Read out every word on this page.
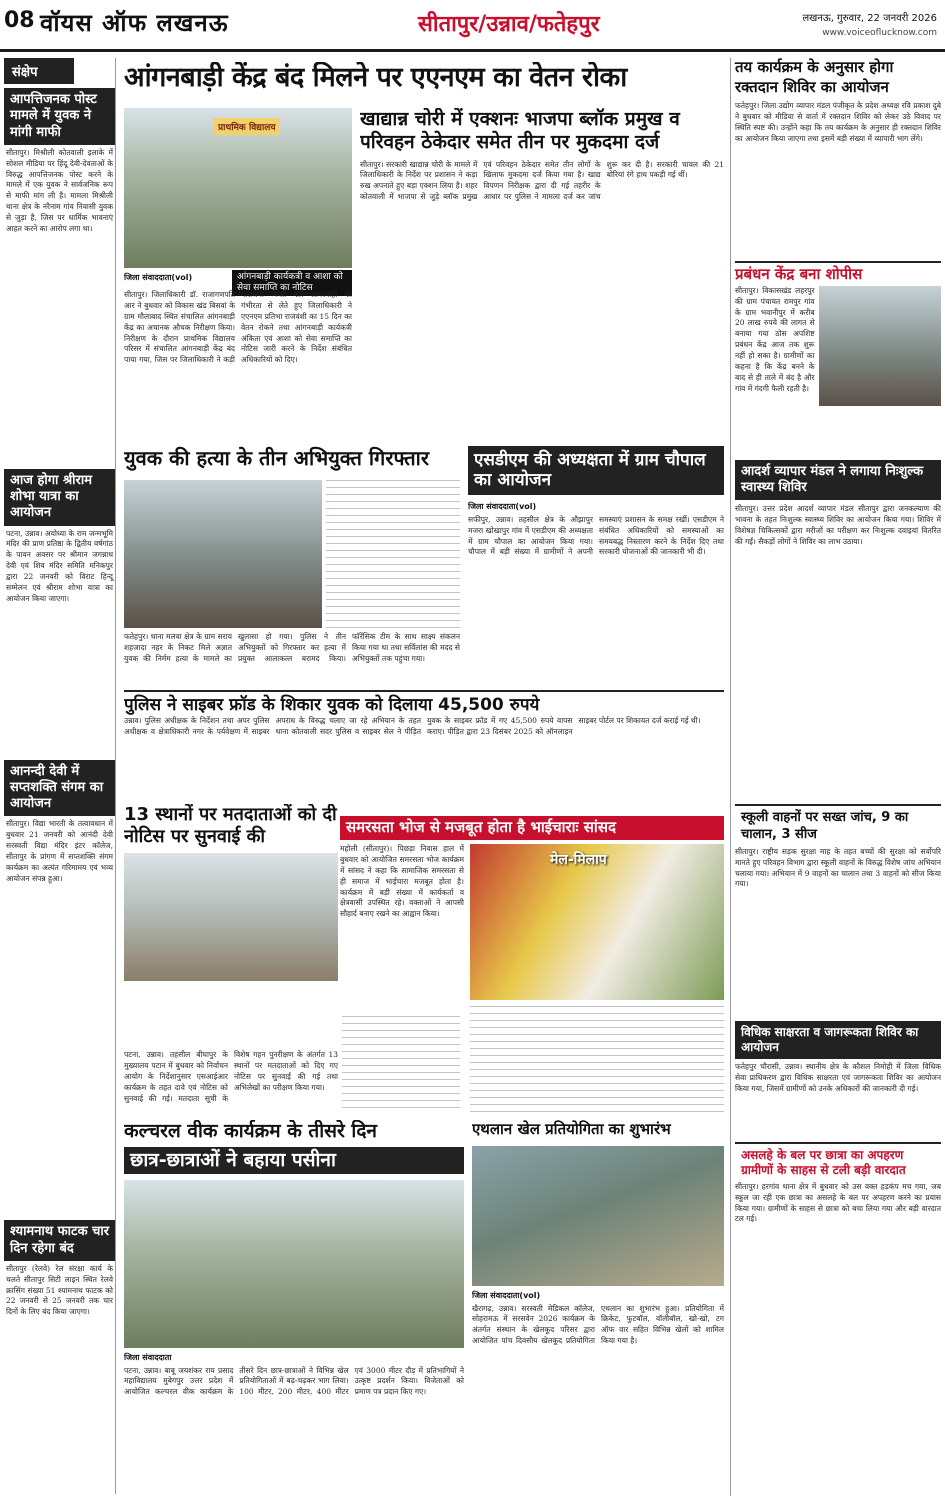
08 वॉयस ऑफ लखनऊ	सीतापुर/उन्नाव/फतेहपुर	लखनऊ, गुरुवार, 22 जनवरी 2026
www.voiceoflucknow.com
संक्षेप
आपत्तिजनक पोस्ट मामले में युवक ने मांगी माफी
सीतापुर। मिश्रीली कोतवाली इलाके में सोशल मीडिया पर हिंदू देवी-देवताओं के विरुद्ध आपत्तिजनक पोस्ट करने के मामले में एक युवक ने सार्वजनिक रूप से माफी मांग ली है। मामला मिश्रीली थाना क्षेत्र के नरैनाम गांव निवासी युवक से जुड़ा है, जिस पर धार्मिक भावनाएं आहत करने का आरोप लगा था।
आज होगा श्रीराम शोभा यात्रा का आयोजन
पटना, उन्नाव। अयोध्या के राम जन्मभूमि मंदिर की प्राण प्रतिष्ठा के द्वितीय वर्षगांठ के पावन अवसर पर श्रीमान जगन्नाथ देवी एवं शिव मंदिर समिति मनिकपुर द्वारा 22 जनवरी को विराट हिन्दू सम्मेलन एवं श्रीराम शोभा यात्रा का आयोजन किया जाएगा।
आनन्दी देवी में सप्तशक्ति संगम का आयोजन
सीतापुर। विद्या भारती के तत्वावधान में बुधवार 21 जनवरी को आनंदी देवी सरस्वती विद्या मंदिर इंटर कॉलेज, सीतापुर के प्रांगण में सप्तशक्ति संगम कार्यक्रम का अत्यंत गरिमामय एवं भव्य आयोजन संपन्न हुआ।
श्यामनाथ फाटक चार दिन रहेगा बंद
सीतापुर (रेलवे) रेल संरक्षा कार्य के चलते सीतापुर सिटी लाइन स्थित रेलवे क्रासिंग संख्या 51 श्यामनाथ फाटक को 22 जनवरी से 25 जनवरी तक चार दिनों के लिए बंद किया जाएगा।
आंगनबाड़ी केंद्र बंद मिलने पर एएनएम का वेतन रोका
प्राथमिक विद्यालय
आंगनबाड़ी कार्यकत्री व आशा को सेवा समाप्ति का नोटिस
जिला संवाददाता(vol)
सीतापुर। जिलाधिकारी डॉ. राजागणपति आर ने बुधवार को विकास खंड बिसवां के ग्राम मौलाबाद स्थित संचालित आंगनबाड़ी केंद्र का अचानक औचक निरीक्षण किया। निरीक्षण के दौरान प्राथमिक विद्यालय परिसर में संचालित आंगनबाड़ी केंद्र बंद पाया गया, जिस पर जिलाधिकारी ने कड़ी नाराजगी व्यक्त की। लापरवाही को गंभीरता से लेते हुए जिलाधिकारी ने एएनएम प्रतिभा राजवंशी का 15 दिन का वेतन रोकने तथा आंगनबाड़ी कार्यकत्री अंकिता एवं आशा को सेवा समाप्ति का नोटिस जारी करने के निर्देश संबंधित अधिकारियों को दिए।
खाद्यान्न चोरी में एक्शनः भाजपा ब्लॉक प्रमुख व परिवहन ठेकेदार समेत तीन पर मुकदमा दर्ज
सीतापुर। सरकारी खाद्यान्न चोरी के मामले में जिलाधिकारी के निर्देश पर प्रशासन ने कड़ा रुख अपनाते हुए बड़ा एक्शन लिया है। शहर कोतवाली में भाजपा से जुड़े ब्लॉक प्रमुख एवं परिवहन ठेकेदार समेत तीन लोगों के खिलाफ मुकदमा दर्ज किया गया है। खाद्य विपणन निरीक्षक द्वारा दी गई तहरीर के आधार पर पुलिस ने मामला दर्ज कर जांच शुरू कर दी है। सरकारी चावल की 21 बोरियां रंगे हाथ पकड़ी गई थीं।
युवक की हत्या के तीन अभियुक्त गिरफ्तार
फतेहपुर। थाना मलवा क्षेत्र के ग्राम सराय शहजादा नहर के निकट मिले अज्ञात युवक की निर्मम हत्या के मामले का खुलासा हो गया। पुलिस ने तीन अभियुक्तों को गिरफ्तार कर हत्या में प्रयुक्त आलाकत्ल बरामद किया। फॉरेंसिक टीम के साथ साक्ष्य संकलन किया गया था तथा सर्विलांस की मदद से अभियुक्तों तक पहुंचा गया।
एसडीएम की अध्यक्षता में ग्राम चौपाल का आयोजन
जिला संवाददाता(vol)
सफीपुर, उन्नाव। तहसील क्षेत्र के औझापुर मजरा खोखापुर गांव में एसडीएम की अध्यक्षता में ग्राम चौपाल का आयोजन किया गया। चौपाल में बड़ी संख्या में ग्रामीणों ने अपनी समस्याएं प्रशासन के समक्ष रखीं। एसडीएम ने संबंधित अधिकारियों को समस्याओं का समयबद्ध निस्तारण करने के निर्देश दिए तथा सरकारी योजनाओं की जानकारी भी दी।
पुलिस ने साइबर फ्रॉड के शिकार युवक को दिलाया 45,500 रुपये
उन्नाव। पुलिस अधीक्षक के निर्देशन तथा अपर पुलिस अधीक्षक व क्षेत्राधिकारी नगर के पर्यवेक्षण में साइबर अपराध के विरुद्ध चलाए जा रहे अभियान के तहत थाना कोतवाली सदर पुलिस व साइबर सेल ने पीड़ित युवक के साइबर फ्रॉड में गए 45,500 रुपये वापस कराए। पीड़ित द्वारा 23 दिसंबर 2025 को ऑनलाइन साइबर पोर्टल पर शिकायत दर्ज कराई गई थी।
13 स्थानों पर मतदाताओं को दी नोटिस पर सुनवाई की
पटना, उन्नाव। तहसील बीघापुर के मुख्यालय पटान में बुधवार को निर्वाचन आयोग के निर्देशानुसार एसआईआर कार्यक्रम के तहत दावे एवं नोटिस को सुनवाई की गई। मतदाता सूची के विशेष गहन पुनरीक्षण के अंतर्गत 13 स्थानों पर मतदाताओं को दिए गए नोटिस पर सुनवाई की गई तथा अभिलेखों का परीक्षण किया गया।
समरसता भोज से मजबूत होता है भाईचाराः सांसद
महोली (सीतापुर)। पिछड़ा निवास हाल में बुधवार को आयोजित समरसता भोज कार्यक्रम में सांसद ने कहा कि सामाजिक समरसता से ही समाज में भाईचारा मजबूत होता है। कार्यक्रम में बड़ी संख्या में कार्यकर्ता व क्षेत्रवासी उपस्थित रहे। वक्ताओं ने आपसी सौहार्द बनाए रखने का आह्वान किया।
मेल-मिलाप
कल्चरल वीक कार्यक्रम के तीसरे दिन
छात्र-छात्राओं ने बहाया पसीना
जिला संवाददाता
पटना, उन्नाव। बाबू जयशंकर राय प्रसाद महाविद्यालय मुबेगपुर उत्तर प्रदेश में आयोजित कल्चरल वीक कार्यक्रम के तीसरे दिन छात्र-छात्राओं ने विभिन्न खेल प्रतियोगिताओं में बढ़-चढ़कर भाग लिया। 100 मीटर, 200 मीटर, 400 मीटर एवं 3000 मीटर दौड़ में प्रतिभागियों ने उत्कृष्ट प्रदर्शन किया। विजेताओं को प्रमाण पत्र प्रदान किए गए।
एथलान खेल प्रतियोगिता का शुभारंभ
जिला संवाददाता(vol)
खैरागढ़, उन्नाव। सरस्वती मेडिकल कॉलेज, सोहरामऊ में सरसवेन 2026 कार्यक्रम के अंतर्गत संस्थान के खेलकूद परिसर द्वारा आयोजित पांच दिवसीय खेलकूद प्रतियोगिता एथलान का शुभारंभ हुआ। प्रतियोगिता में क्रिकेट, फुटबॉल, वॉलीबॉल, खो-खो, टग ऑफ वार सहित विभिन्न खेलों को शामिल किया गया है।
तय कार्यक्रम के अनुसार होगा रक्तदान शिविर का आयोजन
फतेहपुर। जिला उद्योग व्यापार मंडल पंजीकृत के प्रदेश अध्यक्ष रवि प्रकाश दुबे ने बुधवार को मीडिया से वार्ता में रक्तदान शिविर को लेकर उठे विवाद पर स्थिति स्पष्ट की। उन्होंने कहा कि तय कार्यक्रम के अनुसार ही रक्तदान शिविर का आयोजन किया जाएगा तथा इसमें बड़ी संख्या में व्यापारी भाग लेंगे।
प्रबंधन केंद्र बना शोपीस
सीतापुर। विकासखंड लहरपुर की ग्राम पंचायत रामपुर गांव के ग्राम भवानीपुर में करीब 20 लाख रुपये की लागत से बनाया गया ठोस अपशिष्ट प्रबंधन केंद्र आज तक शुरू नहीं हो सका है। ग्रामीणों का कहना है कि केंद्र बनने के बाद से ही ताले में बंद है और गांव में गंदगी फैली रहती है।
आदर्श व्यापार मंडल ने लगाया निःशुल्क स्वास्थ्य शिविर
सीतापुर। उत्तर प्रदेश आदर्श व्यापार मंडल सीतापुर द्वारा जनकल्याण की भावना के तहत निःशुल्क स्वास्थ्य शिविर का आयोजन किया गया। शिविर में विशेषज्ञ चिकित्सकों द्वारा मरीजों का परीक्षण कर निःशुल्क दवाइयां वितरित की गईं। सैकड़ों लोगों ने शिविर का लाभ उठाया।
स्कूली वाहनों पर सख्त जांच, 9 का चालान, 3 सीज
सीतापुर। राष्ट्रीय सड़क सुरक्षा माह के तहत बच्चों की सुरक्षा को सर्वोपरि मानते हुए परिवहन विभाग द्वारा स्कूली वाहनों के विरुद्ध विशेष जांच अभियान चलाया गया। अभियान में 9 वाहनों का चालान तथा 3 वाहनों को सीज किया गया।
विधिक साक्षरता व जागरूकता शिविर का आयोजन
फतेहपुर चौरासी, उन्नाव। स्थानीय क्षेत्र के कौशल निमोही में जिला विधिक सेवा प्राधिकरण द्वारा विधिक साक्षरता एवं जागरूकता शिविर का आयोजन किया गया, जिसमें ग्रामीणों को उनके अधिकारों की जानकारी दी गई।
असलहे के बल पर छात्रा का अपहरण ग्रामीणों के साहस से टली बड़ी वारदात
सीतापुर। हरगांव थाना क्षेत्र में बुधवार को उस वक्त हड़कंप मच गया, जब स्कूल जा रही एक छात्रा का असलहे के बल पर अपहरण करने का प्रयास किया गया। ग्रामीणों के साहस से छात्रा को बचा लिया गया और बड़ी वारदात टल गई।
